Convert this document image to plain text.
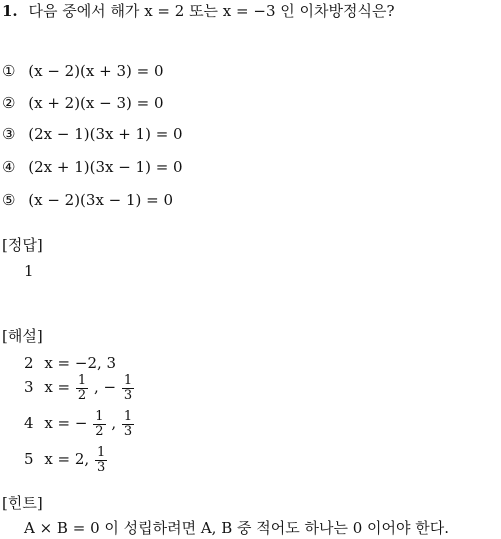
1. 다음 중에서 해가 x = 2 또는 x = −3 인 이차방정식은?
① (x − 2)(x + 3) = 0
② (x + 2)(x − 3) = 0
③ (2x − 1)(3x + 1) = 0
④ (2x + 1)(3x − 1) = 0
⑤ (x − 2)(3x − 1) = 0
[정답]
1
[해설]
2 x = −2, 3
3 $x = \frac{1}{2}$ , − $\frac{1}{3}$
4 x = − $\frac{1}{2}$ , $\frac{1}{3}$
5 x = 2, $\frac{1}{3}$
[힌트]
A × B = 0 이 성립하려면 A, B 중 적어도 하나는 0 이어야 한다.
